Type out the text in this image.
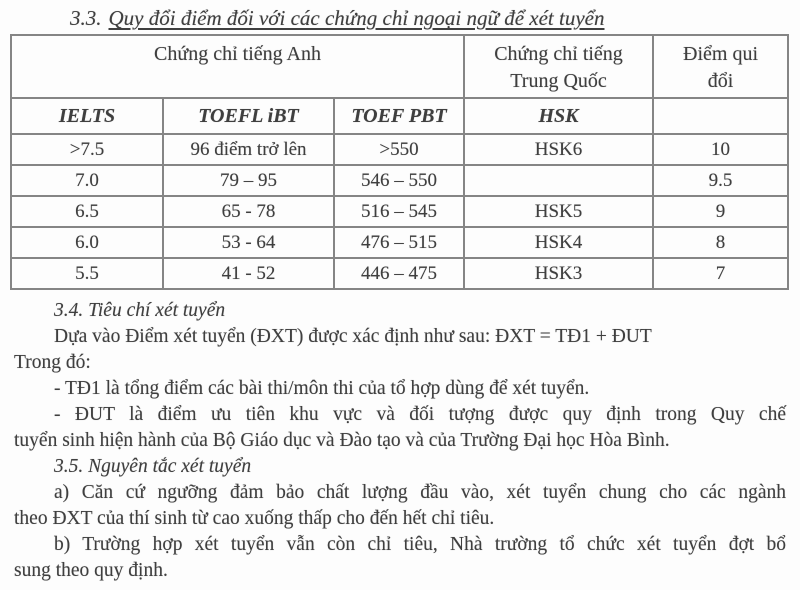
3.3. Quy đổi điểm đối với các chứng chỉ ngoại ngữ để xét tuyển
Chứng chỉ tiếng Anh			Chứng chỉ tiếng Trung Quốc	Điểm qui đổi
IELTS	TOEFL iBT	TOEF PBT	HSK	
>7.5	96 điểm trở lên	>550	HSK6	10
7.0	79 – 95	546 – 550		9.5
6.5	65 - 78	516 – 545	HSK5	9
6.0	53 - 64	476 – 515	HSK4	8
5.5	41 - 52	446 – 475	HSK3	7

3.4. Tiêu chí xét tuyển

Dựa vào Điểm xét tuyển (ĐXT) được xác định như sau: ĐXT = TĐ1 + ĐUT

Trong đó:

- TĐ1 là tổng điểm các bài thi/môn thi của tổ hợp dùng để xét tuyển.

- ĐUT là điểm ưu tiên khu vực và đối tượng được quy định trong Quy chế
tuyển sinh hiện hành của Bộ Giáo dục và Đào tạo và của Trường Đại học Hòa Bình.

3.5. Nguyên tắc xét tuyển

a) Căn cứ ngưỡng đảm bảo chất lượng đầu vào, xét tuyển chung cho các ngành
theo ĐXT của thí sinh từ cao xuống thấp cho đến hết chỉ tiêu.

b) Trường hợp xét tuyển vẫn còn chỉ tiêu, Nhà trường tổ chức xét tuyển đợt bổ
sung theo quy định.
